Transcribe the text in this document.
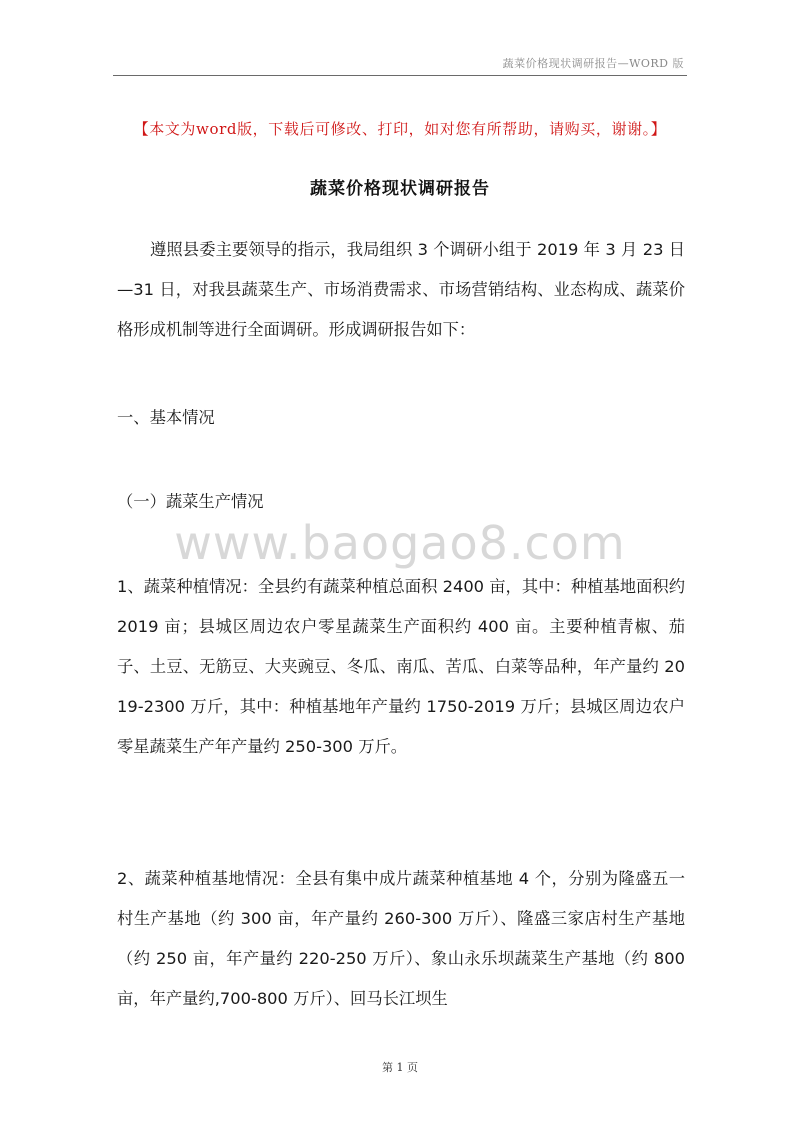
蔬菜价格现状调研报告—WORD 版
【本文为word版，下载后可修改、打印，如对您有所帮助，请购买，谢谢。】
蔬菜价格现状调研报告
遵照县委主要领导的指示，我局组织 3 个调研小组于 2019 年 3 月 23 日—31 日，对我县蔬菜生产、市场消费需求、市场营销结构、业态构成、蔬菜价格形成机制等进行全面调研。形成调研报告如下：
一、基本情况
（一）蔬菜生产情况
www.baogao8.com
1、蔬菜种植情况：全县约有蔬菜种植总面积 2400 亩，其中：种植基地面积约 2019 亩；县城区周边农户零星蔬菜生产面积约 400 亩。主要种植青椒、茄子、土豆、无筋豆、大夹豌豆、冬瓜、南瓜、苦瓜、白菜等品种，年产量约 2019-2300 万斤，其中：种植基地年产量约 1750-2019 万斤；县城区周边农户零星蔬菜生产年产量约 250-300 万斤。
2、蔬菜种植基地情况：全县有集中成片蔬菜种植基地 4 个，分别为隆盛五一村生产基地（约 300 亩，年产量约 260-300 万斤）、隆盛三家店村生产基地（约 250 亩，年产量约 220-250 万斤）、象山永乐坝蔬菜生产基地（约 800 亩，年产量约,700-800 万斤）、回马长江坝生
第 1 页
